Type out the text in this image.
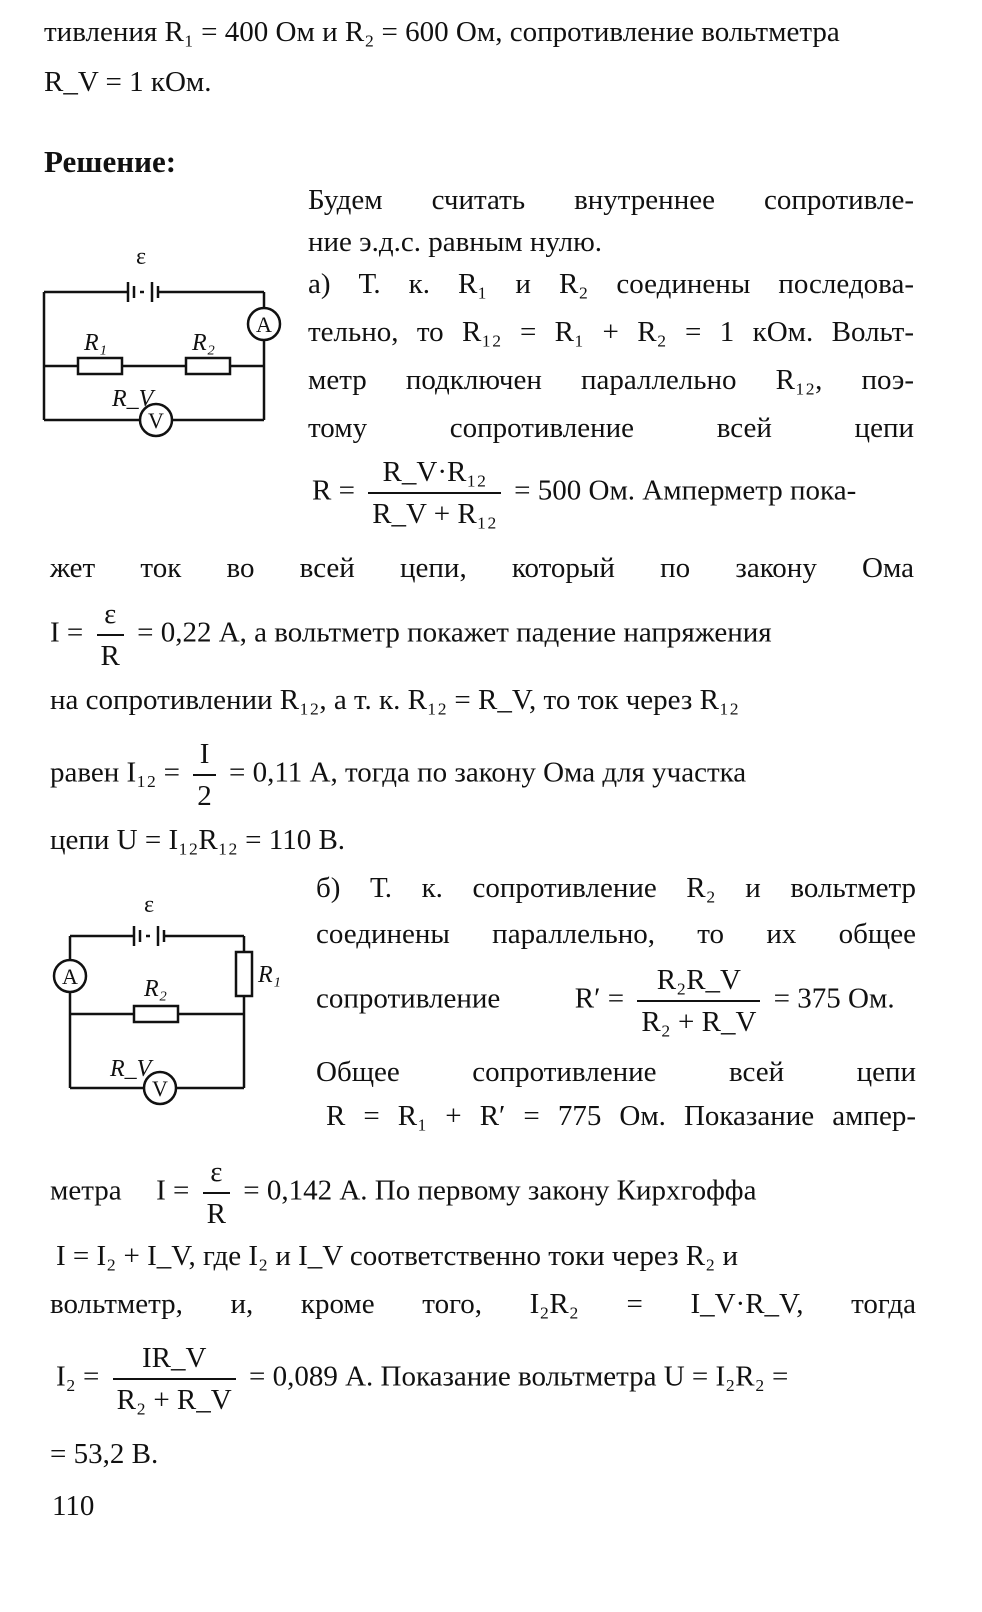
тивления R₁ = 400 Ом и R₂ = 600 Ом, сопротивление вольтметра
R_V = 1 кОм.
Решение:
Будем считать внутреннее сопротивле-
ние э.д.с. равным нулю.
а) Т. к. R₁ и R₂ соединены последова-
тельно, то R₁₂ = R₁ + R₂ = 1 кОм. Вольт-
метр подключен параллельно R₁₂, поэ-
тому сопротивление всей цепи
$R = \frac{\text{R\_V·R₁₂}}{\text{R\_V + R₁₂}} = 500$ Ом. Амперметр пока-
жет ток во всей цепи, который по закону Ома
$I = \frac{\varepsilon}{R} = 0,22$ А, а вольтметр покажет падение напряжения
на сопротивлении R₁₂, а т. к. R₁₂ = R_V, то ток через R₁₂
равен $I_{12} = \frac{I}{2} = 0,11$ А, тогда по закону Ома для участка
цепи U = I₁₂R₁₂ = 110 В.
б) Т. к. сопротивление R₂ и вольтметр
соединены параллельно, то их общее
сопротивление	$R' = \frac{\text{R₂R\_V}}{\text{R₂ + R\_V}} = 375$ Ом.
Общее сопротивление всей цепи
R = R₁ + R′ = 775 Ом. Показание ампер-
метра $I = \frac{\varepsilon}{R} = 0,142$ А. По первому закону Кирхгоффа
I = I₂ + I_V, где I₂ и I_V соответственно токи через R₂ и
вольтметр, и, кроме того, I₂R₂ = I_V·R_V, тогда
$I_2 = \frac{IR\_V}{\text{R₂ + R\_V}} = 0,089$ А. Показание вольтметра U = I₂R₂ =
= 53,2 В.
110
ε
A
R₁	R₂
R_V
V
ε
A	R₁
R₂
R_V
V
